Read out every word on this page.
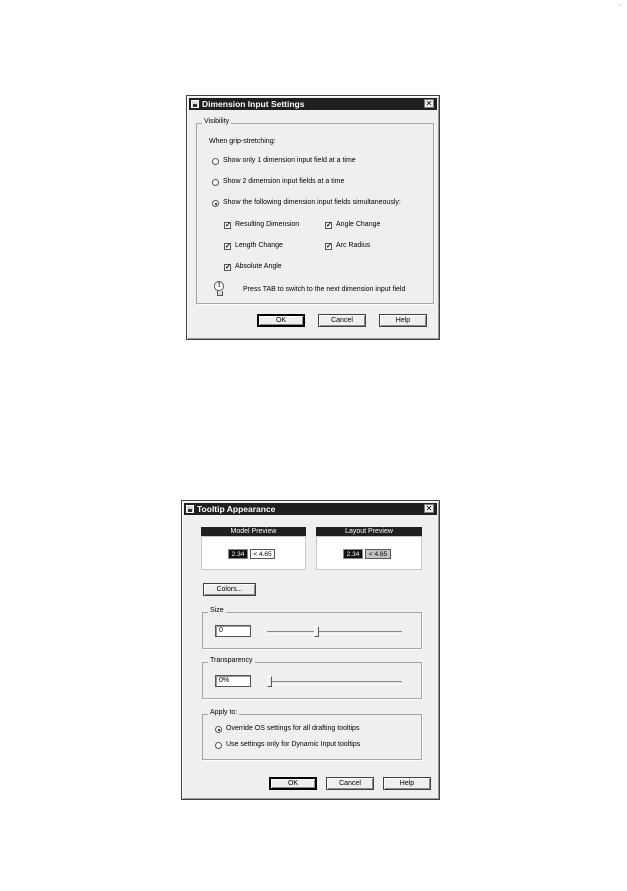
·
Dimension Input Settings	✕
Visibility
When grip-stretching:
Show only 1 dimension input field at a time
Show 2 dimension input fields at a time
Show the following dimension input fields simultaneously:
✓ Resulting Dimension	✓ Angle Change
✓ Length Change	✓ Arc Radius
✓ Absolute Angle
!
Press TAB to switch to the next dimension input field
OK	Cancel	Help
Tooltip Appearance	✕
Model Preview
2.34	< 4.65
Layout Preview
2.34	< 4.65
Colors...
Size
0
Transparency
0%
Apply to:
Override OS settings for all drafting tooltips
Use settings only for Dynamic Input tooltips
OK	Cancel	Help
